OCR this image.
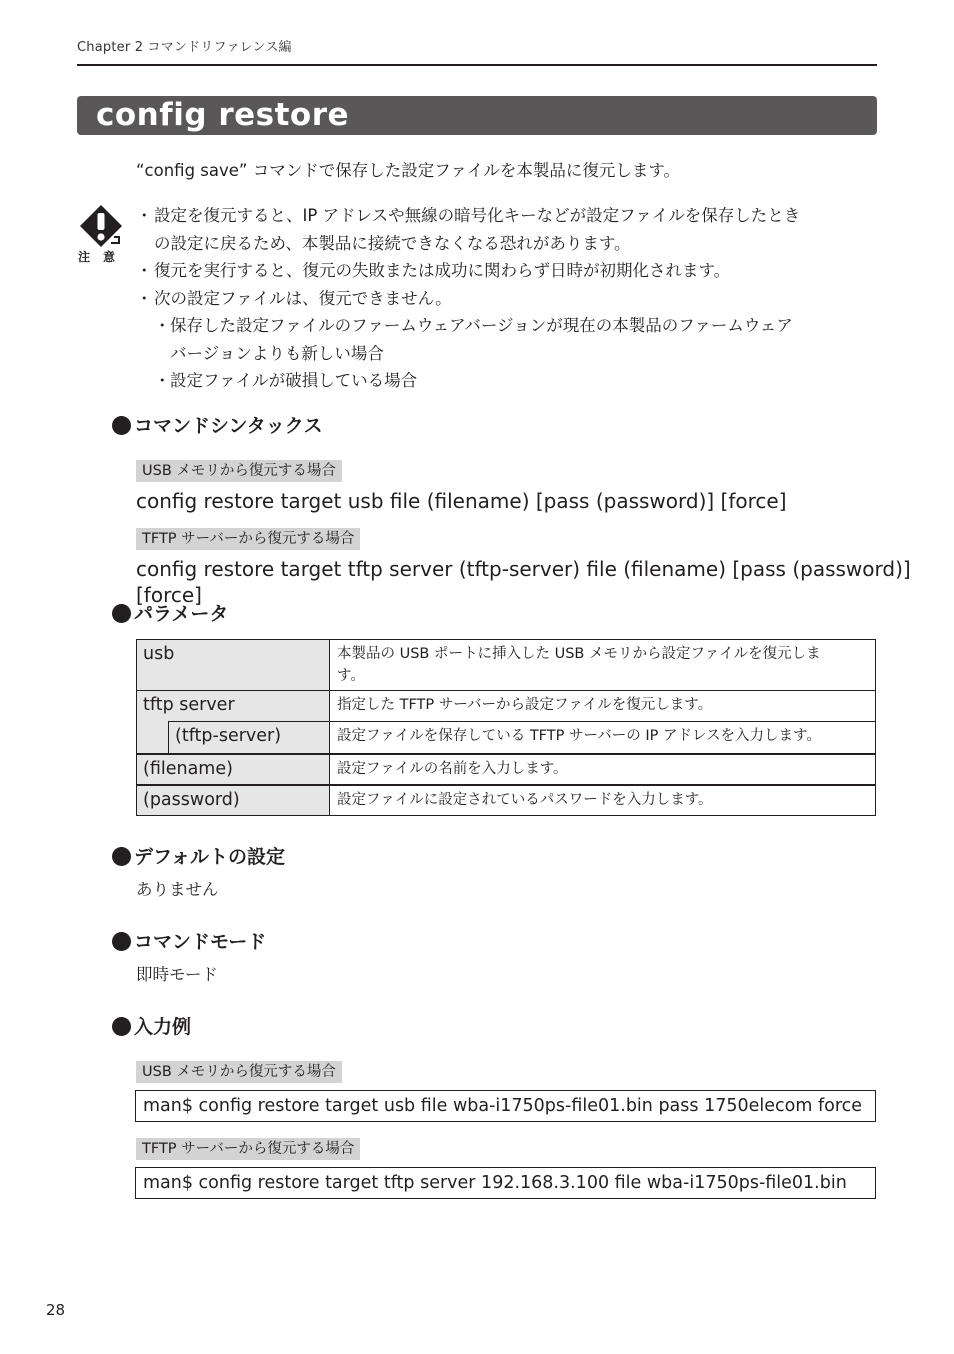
Chapter 2 コマンドリファレンス編
config restore
“config save” コマンドで保存した設定ファイルを本製品に復元します。
注意
・ 設定を復元すると、IP アドレスや無線の暗号化キーなどが設定ファイルを保存したとき
の設定に戻るため、本製品に接続できなくなる恐れがあります。
・ 復元を実行すると、復元の失敗または成功に関わらず日時が初期化されます。
・ 次の設定ファイルは、復元できません。
・ 保存した設定ファイルのファームウェアバージョンが現在の本製品のファームウェア
バージョンよりも新しい場合
・ 設定ファイルが破損している場合
コマンドシンタックス
USB メモリから復元する場合
config restore target usb file (filename) [pass (password)] [force]
TFTP サーバーから復元する場合
config restore target tftp server (tftp-server) file (filename) [pass (password)] [force]
パラメータ
usb		本製品の USB ポートに挿入した USB メモリから設定ファイルを復元しま
す。

tftp server		指定した TFTP サーバーから設定ファイルを復元します。
	(tftp-server)	設定ファイルを保存している TFTP サーバーの IP アドレスを入力します。
(filename)		設定ファイルの名前を入力します。
(password)		設定ファイルに設定されているパスワードを入力します。
デフォルトの設定
ありません
コマンドモード
即時モード
入力例
USB メモリから復元する場合
man$ config restore target usb file wba-i1750ps-file01.bin pass 1750elecom force
TFTP サーバーから復元する場合
man$ config restore target tftp server 192.168.3.100 file wba-i1750ps-file01.bin
28
